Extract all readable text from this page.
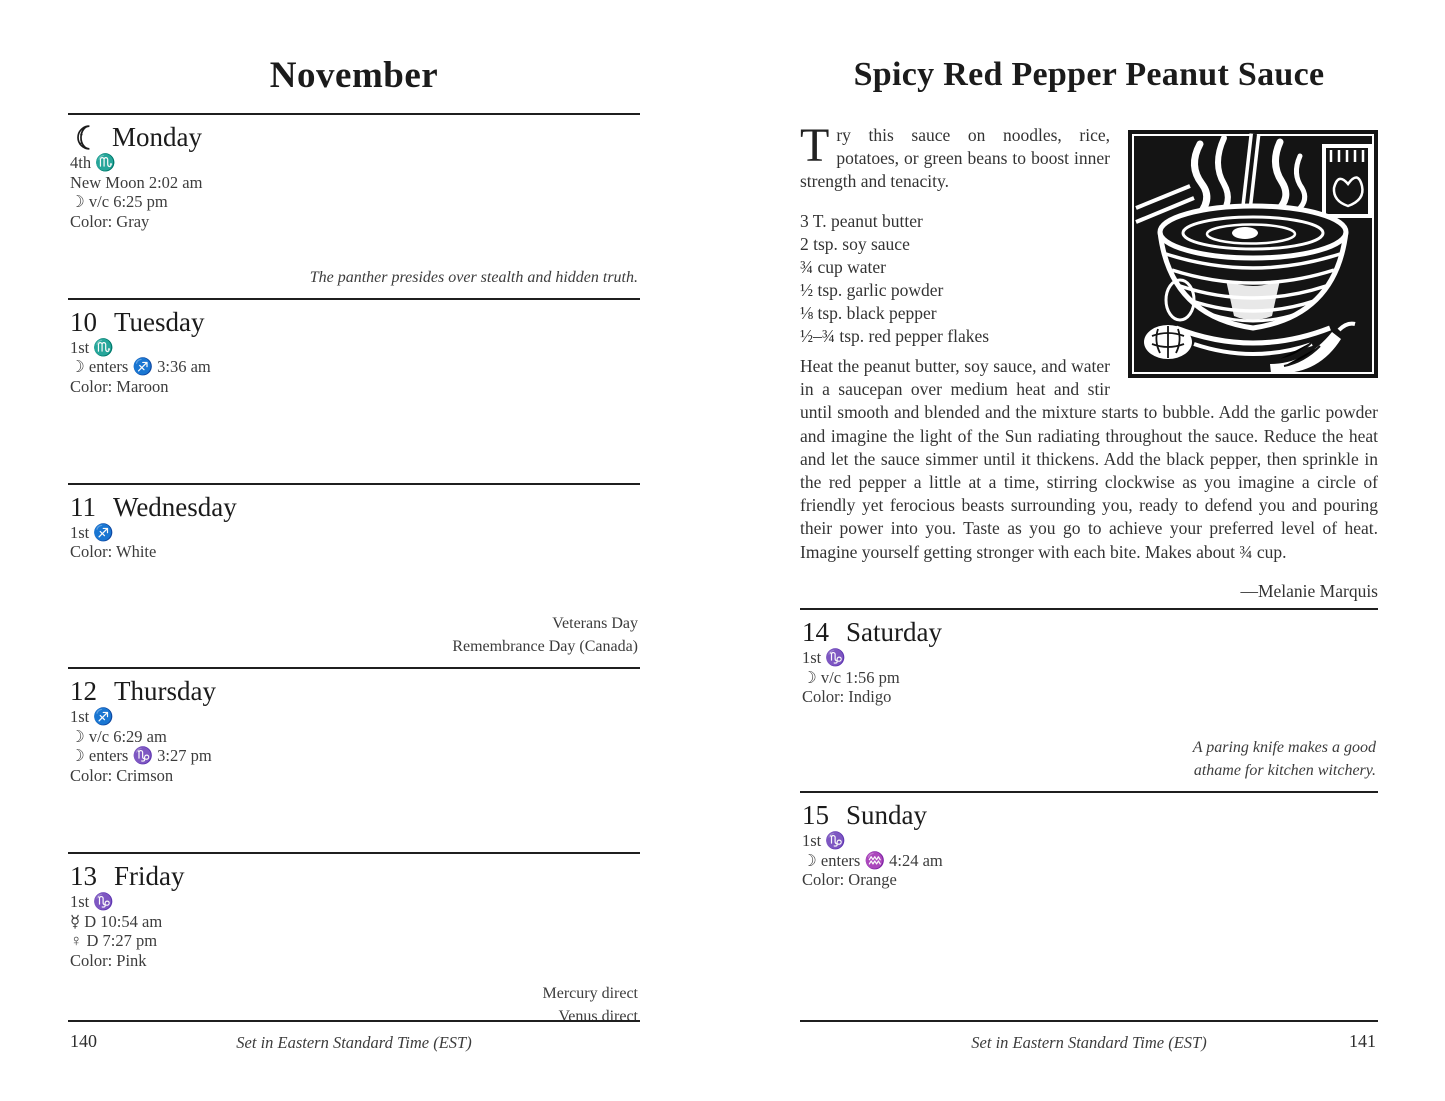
November
Monday
4th ♏
New Moon 2:02 am
☽ v/c 6:25 pm
Color: Gray
The panther presides over stealth and hidden truth.
10 Tuesday
1st ♏
☽ enters ♐ 3:36 am
Color: Maroon
11 Wednesday
1st ♐
Color: White
Veterans Day
Remembrance Day (Canada)
12 Thursday
1st ♐
☽ v/c 6:29 am
☽ enters ♑ 3:27 pm
Color: Crimson
13 Friday
1st ♑
☿ D 10:54 am
♀ D 7:27 pm
Color: Pink
Mercury direct
Venus direct
140	Set in Eastern Standard Time (EST)
Spicy Red Pepper Peanut Sauce

Try this sauce on noodles, rice, potatoes, or green beans to boost inner strength and tenacity.

3 T. peanut butter
2 tsp. soy sauce
¾ cup water
½ tsp. garlic powder
⅛ tsp. black pepper
½–¾ tsp. red pepper flakes

Heat the peanut butter, soy sauce, and water in a saucepan over medium heat and stir until smooth and blended and the mixture starts to bubble. Add the garlic powder and imagine the light of the Sun radiating throughout the sauce. Reduce the heat and let the sauce simmer until it thickens. Add the black pepper, then sprinkle in the red pepper a little at a time, stirring clockwise as you imagine a circle of friendly yet ferocious beasts surrounding you, ready to defend you and pouring their power into you. Taste as you go to achieve your preferred level of heat. Imagine yourself getting stronger with each bite. Makes about ¾ cup.

—Melanie Marquis

14 Saturday
1st ♑
☽ v/c 1:56 pm
Color: Indigo
A paring knife makes a good
athame for kitchen witchery.
15 Sunday
1st ♑
☽ enters ♒ 4:24 am
Color: Orange
Set in Eastern Standard Time (EST)	141
